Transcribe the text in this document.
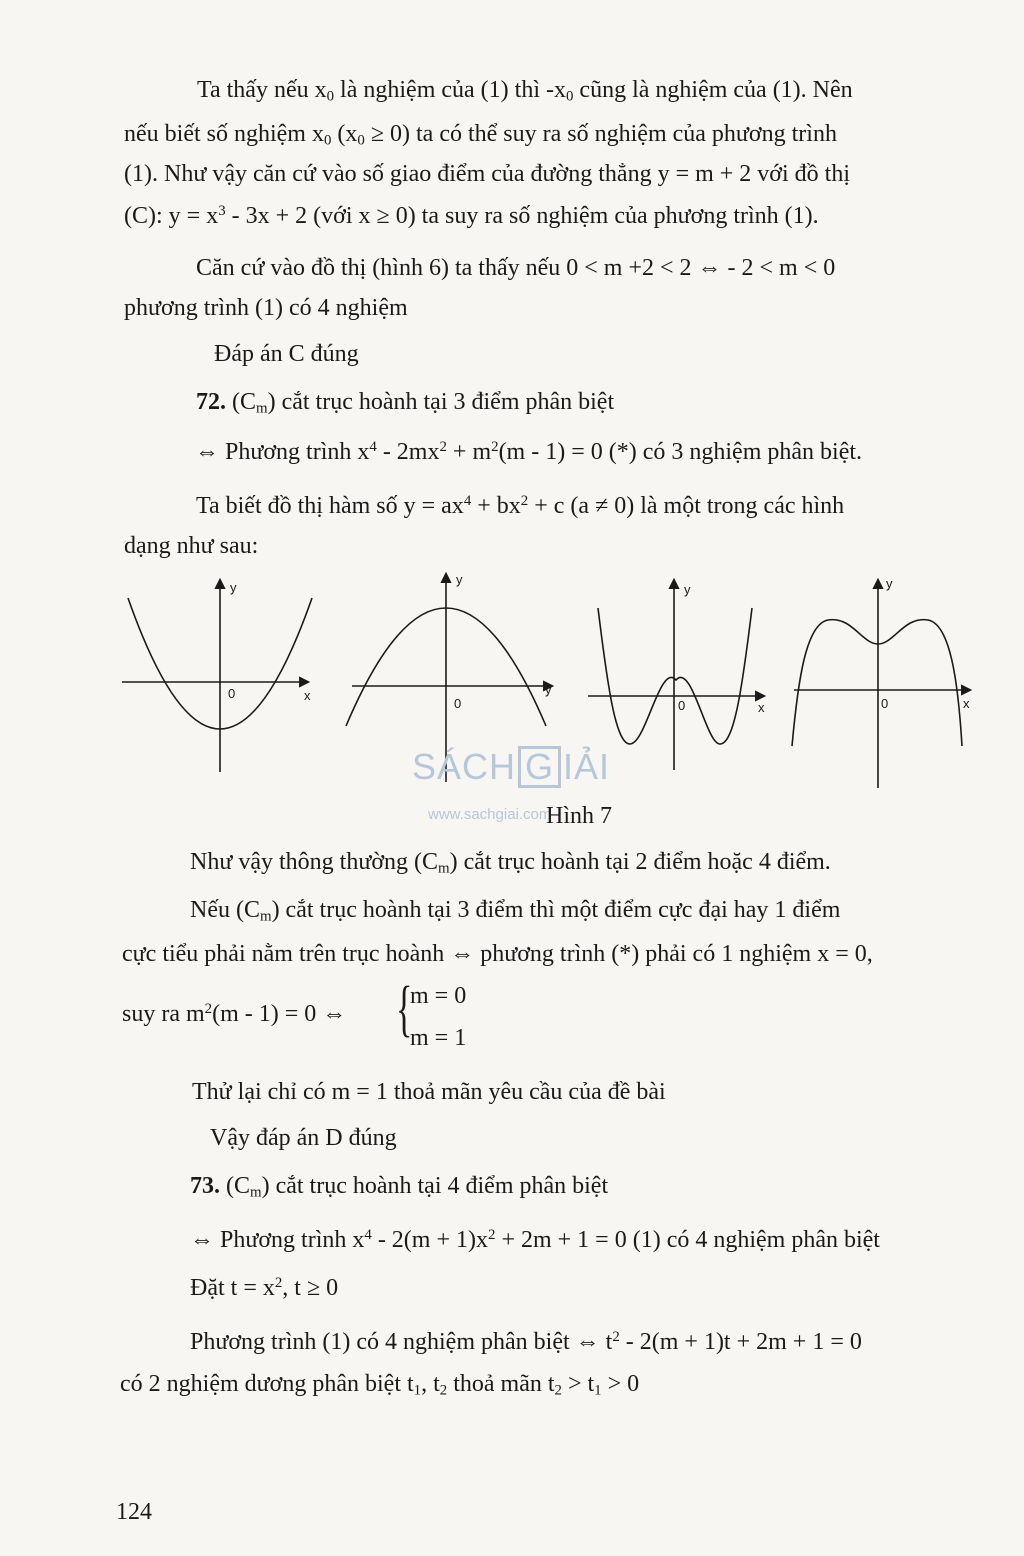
Ta thấy nếu $x_0$ là nghiệm của (1) thì $-x_0$ cũng là nghiệm của (1). Nên
nếu biết số nghiệm $x_0$ $(x_0 \ge 0)$ ta có thể suy ra số nghiệm của phương trình
(1). Như vậy căn cứ vào số giao điểm của đường thẳng y = m + 2 với đồ thị
(C): $y = x^3 - 3x + 2$ (với x ≥ 0) ta suy ra số nghiệm của phương trình (1).
Căn cứ vào đồ thị (hình 6) ta thấy nếu 0 < m +2 < 2 ⇔ - 2 < m < 0
phương trình (1) có 4 nghiệm
Đáp án C đúng
72. $(C_m)$ cắt trục hoành tại 3 điểm phân biệt
⇔ Phương trình $x^4 - 2mx^2 + m^2(m - 1) = 0$ (*) có 3 nghiệm phân biệt.
Ta biết đồ thị hàm số $y = ax^4 + bx^2 + c$ (a ≠ 0) là một trong các hình
dạng như sau:
y
x
0
y
y
0
y
x
0
y
x
0
SÁCH G IẢI
www.sachgiai.com
Hình 7
Như vậy thông thường $(C_m)$ cắt trục hoành tại 2 điểm hoặc 4 điểm.
Nếu $(C_m)$ cắt trục hoành tại 3 điểm thì một điểm cực đại hay 1 điểm
cực tiểu phải nằm trên trục hoành ⇔ phương trình (*) phải có 1 nghiệm x = 0,
suy ra $m^2(m - 1) = 0$ ⇔ {
m = 0
m = 1
Thử lại chỉ có m = 1 thoả mãn yêu cầu của đề bài
Vậy đáp án D đúng
73. $(C_m)$ cắt trục hoành tại 4 điểm phân biệt
⇔ Phương trình $x^4 - 2(m + 1)x^2 + 2m + 1 = 0$ (1) có 4 nghiệm phân biệt
Đặt $t = x^2$, t ≥ 0
Phương trình (1) có 4 nghiệm phân biệt ⇔ $t^2 - 2(m + 1)t + 2m + 1 = 0$
có 2 nghiệm dương phân biệt $t_1$, $t_2$ thoả mãn $t_2 > t_1 > 0$
124
